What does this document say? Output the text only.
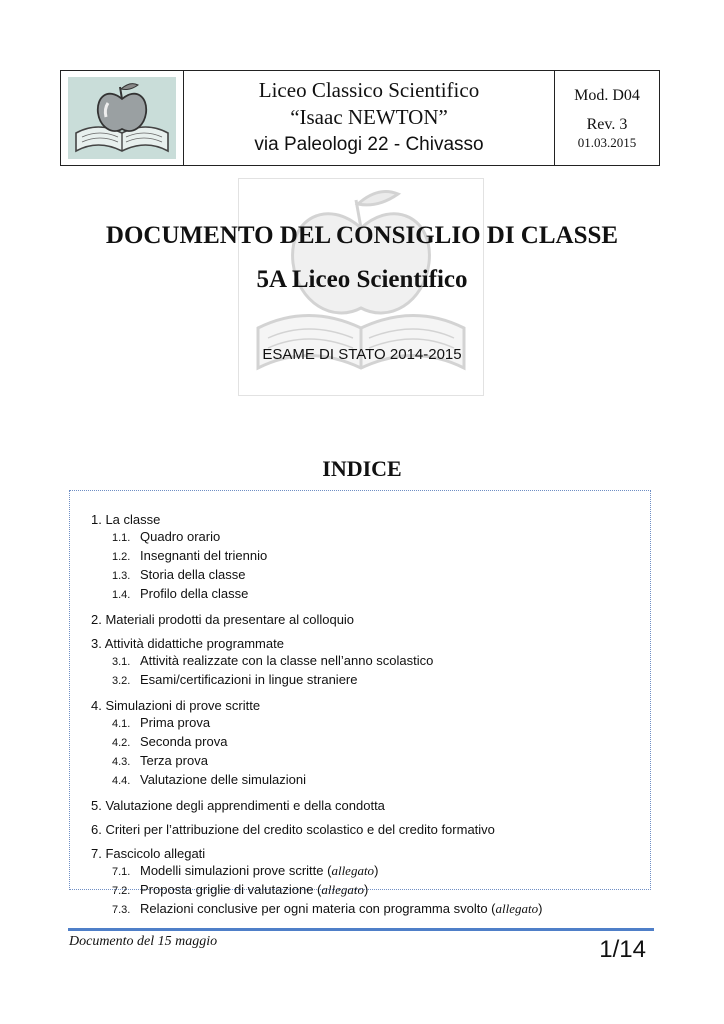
Liceo Classico Scientifico
“Isaac NEWTON”
via Paleologi 22 - Chivasso
Mod. D04
Rev. 3
01.03.2015
DOCUMENTO DEL CONSIGLIO DI CLASSE
5A Liceo Scientifico
ESAME DI STATO 2014-2015
INDICE
1. La classe
1.1. Quadro orario
1.2. Insegnanti del triennio
1.3. Storia della classe
1.4. Profilo della classe
2. Materiali prodotti da presentare al colloquio
3. Attività didattiche programmate
3.1. Attività realizzate con la classe nell’anno scolastico
3.2. Esami/certificazioni in lingue straniere
4. Simulazioni di prove scritte
4.1. Prima prova
4.2. Seconda prova
4.3. Terza prova
4.4. Valutazione delle simulazioni
5. Valutazione degli apprendimenti e della condotta
6. Criteri per l’attribuzione del credito scolastico e del credito formativo
7. Fascicolo allegati
7.1. Modelli simulazioni prove scritte (allegato)
7.2. Proposta griglie di valutazione (allegato)
7.3. Relazioni conclusive per ogni materia con programma svolto (allegato)
Documento del 15 maggio	1/14
